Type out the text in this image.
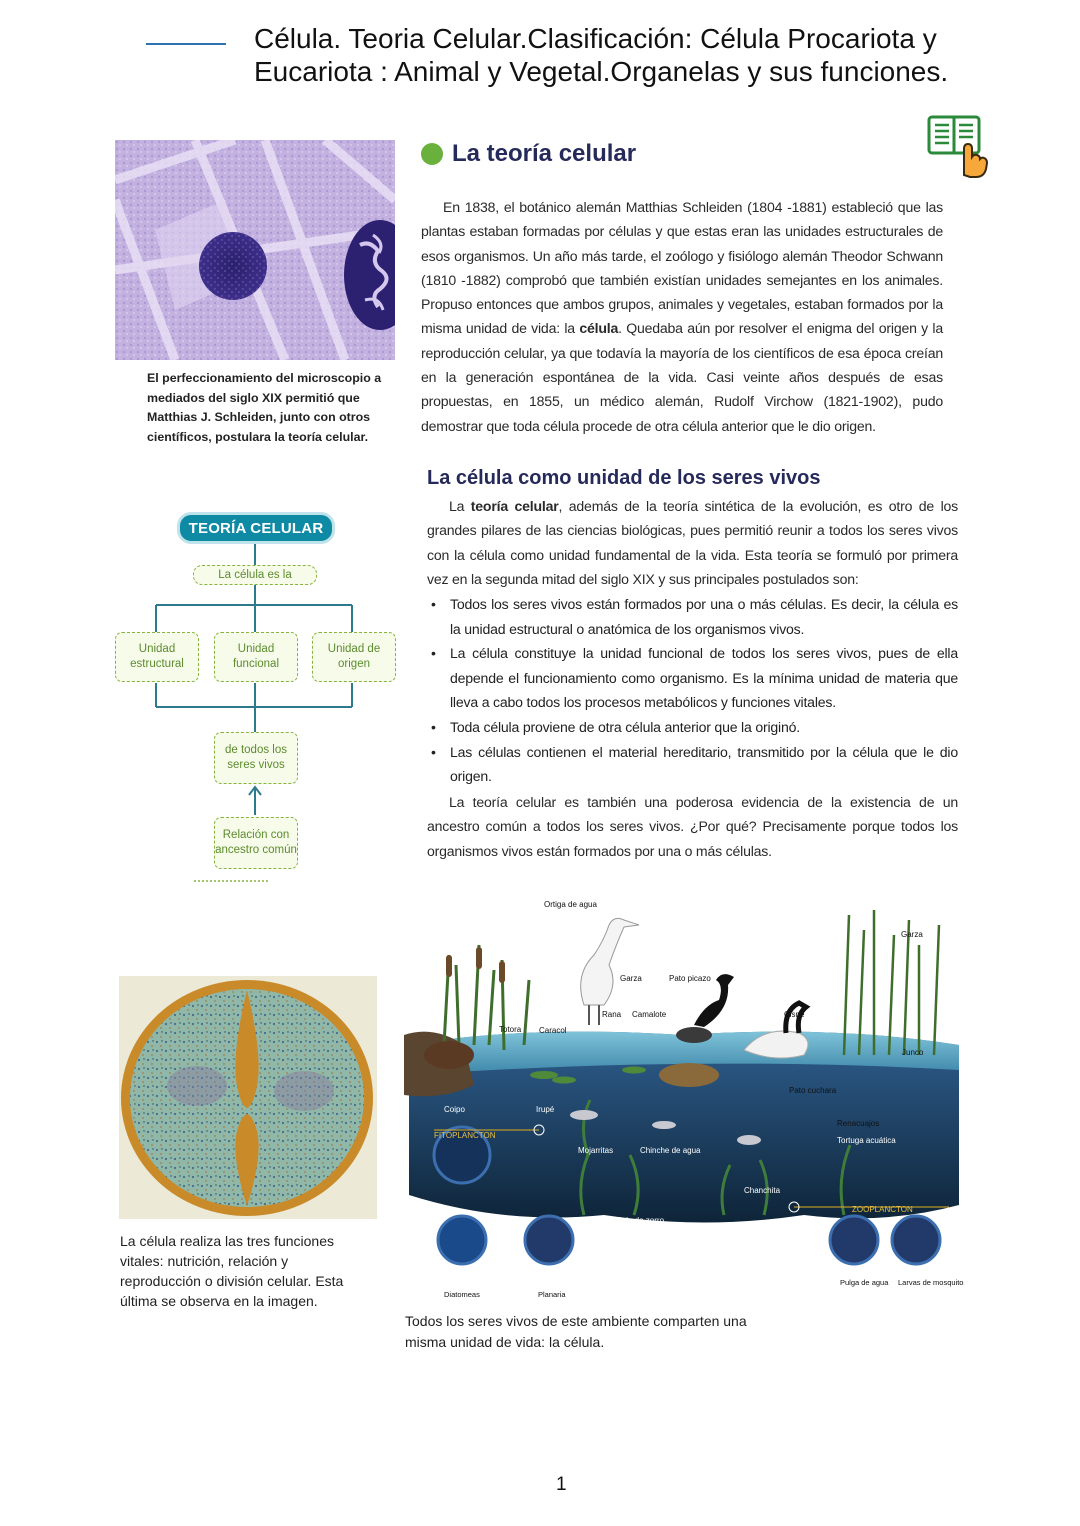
Célula. Teoria Celular.Clasificación: Célula Procariota y Eucariota : Animal y Vegetal.Organelas y sus funciones.
El perfeccionamiento del microscopio a mediados del siglo XIX permitió que Matthias J. Schleiden, junto con otros científicos, postulara la teoría celular.
La teoría celular
En 1838, el botánico alemán Matthias Schleiden (1804 -1881) estableció que las plantas estaban formadas por células y que estas eran las unidades estructurales de esos organismos. Un año más tarde, el zoólogo y fisiólogo alemán Theodor Schwann (1810 -1882) comprobó que también existían unidades semejantes en los animales. Propuso entonces que ambos grupos, animales y vegetales, estaban formados por la misma unidad de vida: la célula. Quedaba aún por resolver el enigma del origen y la reproducción celular, ya que todavía la mayoría de los científicos de esa época creían en la generación espontánea de la vida. Casi veinte años después de esas propuestas, en 1855, un médico alemán, Rudolf Virchow (1821-1902), pudo demostrar que toda célula procede de otra célula anterior que le dio origen.
La célula como unidad de los seres vivos
La teoría celular, además de la teoría sintética de la evolución, es otro de los grandes pilares de las ciencias biológicas, pues permitió reunir a todos los seres vivos con la célula como unidad fundamental de la vida. Esta teoría se formuló por primera vez en la segunda mitad del siglo XIX y sus principales postulados son:
• Todos los seres vivos están formados por una o más células. Es decir, la célula es la unidad estructural o anatómica de los organismos vivos.
• La célula constituye la unidad funcional de todos los seres vivos, pues de ella depende el funcionamiento como organismo. Es la mínima unidad de materia que lleva a cabo todos los procesos metabólicos y funciones vitales.
• Toda célula proviene de otra célula anterior que la originó.
• Las células contienen el material hereditario, transmitido por la célula que le dio origen.
La teoría celular es también una poderosa evidencia de la existencia de un ancestro común a todos los seres vivos. ¿Por qué? Precisamente porque todos los organismos vivos están formados por una o más células.
TEORÍA CELULAR
La célula es la
Unidad estructural
Unidad funcional
Unidad de origen
de todos los seres vivos
Relación con ancestro común
La célula realiza las tres funciones vitales: nutrición, relación y reproducción o división celular. Esta última se observa en la imagen.
Ortiga de agua
Garza
Garza	Pato picazo
Totora Caracol
Rana Camalote	Cisne
Junco
Pato cuchara
Renacuajos
Coipo	Irupé
Tortuga acuática
FITOPLANCTON
Mojarritas	Chinche de agua
Chanchita
Cola de zorro
ZOOPLANCTON
Elodea
Diatomeas	Planaria
Pulga de agua Larvas de mosquitos
Todos los seres vivos de este ambiente comparten una misma unidad de vida: la célula.
1
